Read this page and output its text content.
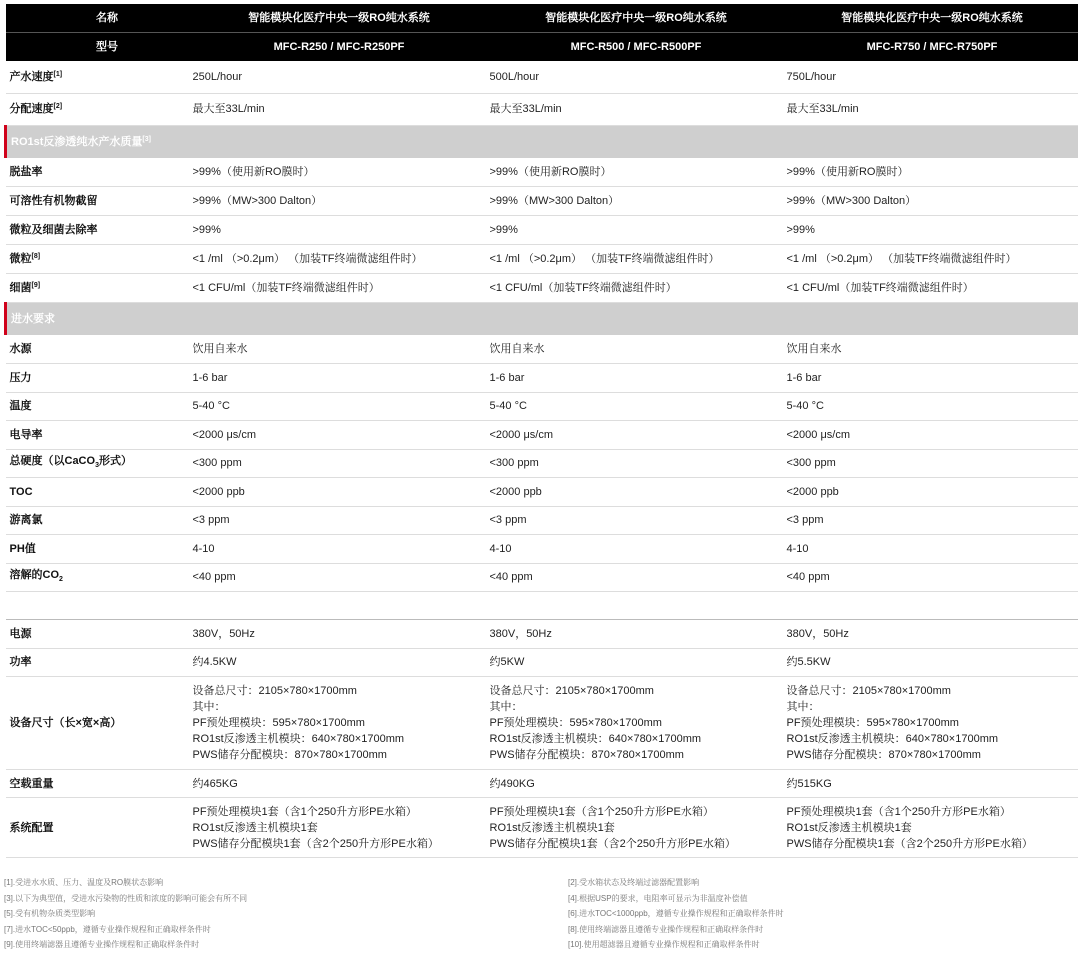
名称	智能模块化医疗中央一级RO纯水系统	智能模块化医疗中央一级RO纯水系统	智能模块化医疗中央一级RO纯水系统
型号	MFC-R250 / MFC-R250PF	MFC-R500 / MFC-R500PF	MFC-R750 / MFC-R750PF
产水速度[1]	250L/hour	500L/hour	750L/hour
分配速度[2]	最大至33L/min	最大至33L/min	最大至33L/min
RO1st反渗透纯水产水质量[3]
脱盐率	>99%（使用新RO膜时）	>99%（使用新RO膜时）	>99%（使用新RO膜时）
可溶性有机物截留	>99%（MW>300 Dalton）	>99%（MW>300 Dalton）	>99%（MW>300 Dalton）
微粒及细菌去除率	>99%	>99%	>99%
微粒[8]	<1 /ml （>0.2μm） （加装TF终端微滤组件时）	<1 /ml （>0.2μm） （加装TF终端微滤组件时）	<1 /ml （>0.2μm） （加装TF终端微滤组件时）
细菌[9]	<1 CFU/ml（加装TF终端微滤组件时）	<1 CFU/ml（加装TF终端微滤组件时）	<1 CFU/ml（加装TF终端微滤组件时）
进水要求			
水源	饮用自来水	饮用自来水	饮用自来水
压力	1-6 bar	1-6 bar	1-6 bar
温度	5-40 °C	5-40 °C	5-40 °C
电导率	<2000 μs/cm	<2000 μs/cm	<2000 μs/cm
总硬度（以CaCO$_3$形式）	<300 ppm	<300 ppm	<300 ppm
TOC	<2000 ppb	<2000 ppb	<2000 ppb
游离氯	<3 ppm	<3 ppm	<3 ppm
PH值	4-10	4-10	4-10
溶解的$CO_2$	<40 ppm	<40 ppm	<40 ppm

电源	380V，50Hz	380V，50Hz	380V，50Hz
功率	约4.5KW	约5KW	约5.5KW
设备尺寸（长×宽×高）	设备总尺寸：2105×780×1700mm
其中：
PF预处理模块：595×780×1700mm
RO1st反渗透主机模块：640×780×1700mm
PWS储存分配模块：870×780×1700mm	设备总尺寸：2105×780×1700mm
其中：
PF预处理模块：595×780×1700mm
RO1st反渗透主机模块：640×780×1700mm
PWS储存分配模块：870×780×1700mm	设备总尺寸：2105×780×1700mm
其中：
PF预处理模块：595×780×1700mm
RO1st反渗透主机模块：640×780×1700mm
PWS储存分配模块：870×780×1700mm

空载重量	约465KG	约490KG	约515KG
系统配置	PF预处理模块1套（含1个250升方形PE水箱）
RO1st反渗透主机模块1套
PWS储存分配模块1套（含2个250升方形PE水箱）	PF预处理模块1套（含1个250升方形PE水箱）
RO1st反渗透主机模块1套
PWS储存分配模块1套（含2个250升方形PE水箱）	PF预处理模块1套（含1个250升方形PE水箱）
RO1st反渗透主机模块1套
PWS储存分配模块1套（含2个250升方形PE水箱）
[1].受进水水质、压力、温度及RO膜状态影响
[3].以下为典型值，受进水污染物的性质和浓度的影响可能会有所不同
[5].受有机物杂质类型影响
[7].进水TOC<50ppb，遵循专业操作规程和正确取样条件时
[9].使用终端滤器且遵循专业操作规程和正确取样条件时
[2].受水箱状态及终端过滤器配置影响
[4].根据USP的要求，电阻率可显示为非温度补偿值
[6].进水TOC<1000ppb，遵循专业操作规程和正确取样条件时
[8].使用终端滤器且遵循专业操作规程和正确取样条件时
[10].使用超滤器且遵循专业操作规程和正确取样条件时
